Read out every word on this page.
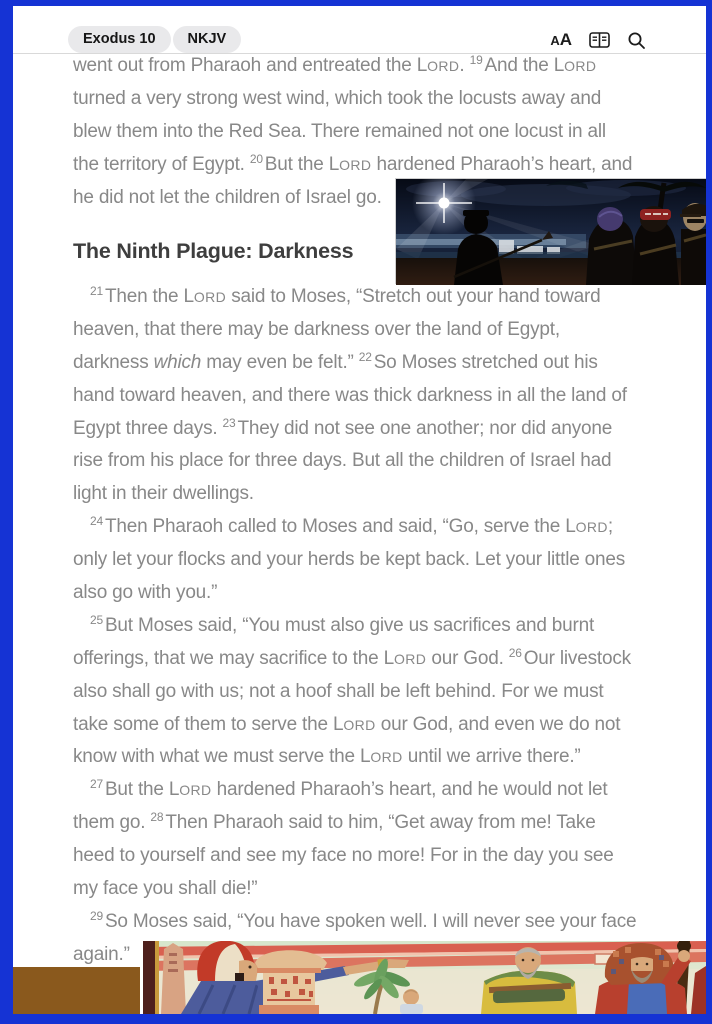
Exodus 10	NKJV	A A
went out from Pharaoh and entreated the LORD. $^{19}$ And the LORD
turned a very strong west wind, which took the locusts away and
blew them into the Red Sea. There remained not one locust in all
the territory of Egypt. $^{20}$ But the LORD hardened Pharaoh’s heart, and
he did not let the children of Israel go.
The Ninth Plague: Darkness
$^{21}$ Then the LORD said to Moses, “Stretch out your hand toward
heaven, that there may be darkness over the land of Egypt,
darkness which may even be felt.” $^{22}$ So Moses stretched out his
hand toward heaven, and there was thick darkness in all the land of
Egypt three days. $^{23}$ They did not see one another; nor did anyone
rise from his place for three days. But all the children of Israel had
light in their dwellings.
$^{24}$ Then Pharaoh called to Moses and said, “Go, serve the LORD;
only let your flocks and your herds be kept back. Let your little ones
also go with you.”
$^{25}$ But Moses said, “You must also give us sacrifices and burnt
offerings, that we may sacrifice to the LORD our God. $^{26}$ Our livestock
also shall go with us; not a hoof shall be left behind. For we must
take some of them to serve the LORD our God, and even we do not
know with what we must serve the LORD until we arrive there.”
$^{27}$ But the LORD hardened Pharaoh’s heart, and he would not let
them go. $^{28}$ Then Pharaoh said to him, “Get away from me! Take
heed to yourself and see my face no more! For in the day you see
my face you shall die!”
$^{29}$ So Moses said, “You have spoken well. I will never see your face
again.”
